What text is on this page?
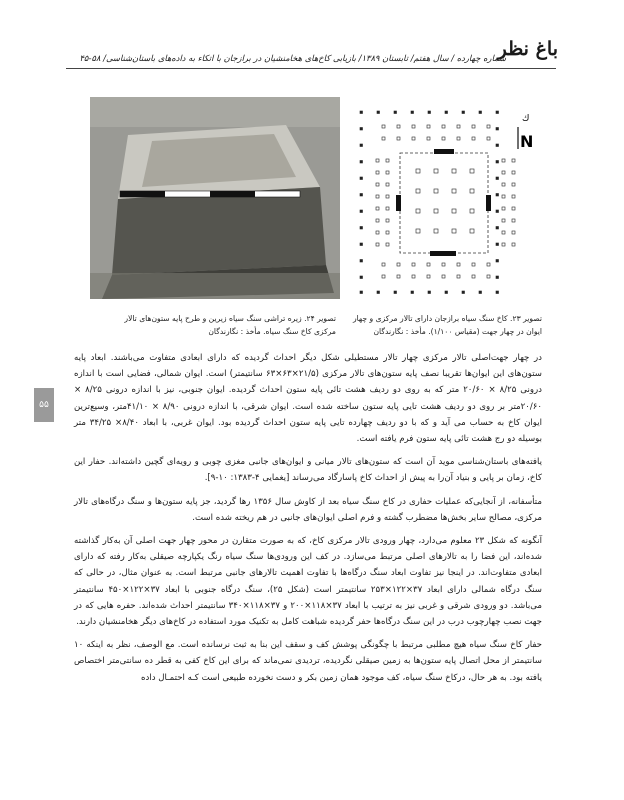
باغ نظر
شماره چهارده / سال هفتم/ تابستان ۱۳۸۹/ بازیابی کاخ‌های هخامنشیان در برازجان با اتکاء به داده‌های باستان‌شناسی/ ۵۸-۴۵
ك
N
تصویر ۲۴. زیره تراشی سنگ سیاه زیرین و طرح پایه ستون‌های تالار مرکزی کاخ سنگ سیاه. مأخذ : نگارندگان
تصویر ۲۳. کاخ سنگ سیاه برازجان دارای تالار مرکزی و چهار ایوان در چهار جهت (مقیاس ۱/۱۰۰). مأخذ : نگارندگان
۵۵

در چهار جهت‌اصلی تالار مرکزی چهار تالار مستطیلی شکل دیگر احداث گردیده که دارای ابعادی متفاوت می‌باشند. ابعاد پایه ستون‌های این ایوان‌ها تقریبا نصف پایه ستون‌های تالار مرکزی (۲۱/۵×۶۳×۶۳ سانتیمتر) است. ایوان شمالی، فضایی است با اندازه درونی ۸/۲۵ × ۲۰/۶۰ متر که به روی دو ردیف هشت تائی پایه ستون احداث گردیده. ایوان جنوبی، نیز با اندازه درونی ۸/۲۵ × ۲۰/۶۰متر بر روی دو ردیف هشت تایی پایه ستون ساخته شده است. ایوان شرقی، با اندازه درونی ۸/۹۰ × ۴۱/۱۰متر، وسیع‌ترین ایوان کاخ به حساب می آید و که با دو ردیف چهارده تایی پایه ستون احداث گردیده بود. ایوان غربی، با ابعاد ۸/۴۰× ۳۴/۲۵ متر بوسیله دو رج هشت تائی پایه ستون فرم یافته است.

یافته‌های باستان‌شناسی موید آن است که ستون‌های تالار میانی و ایوان‌های جانبی مغزی چوبی و رویه‌ای گچین داشته‌اند. حفار این کاخ، زمان بر پایی و بنیاد آن‌را به پیش از احداث کاخ پاسارگاد می‌رساند [یغمایی ۴-۱۳۸۳: ۱۰-۹].

متأسفانه، از آنجایی‌که عملیات حفاری در کاخ سنگ سیاه بعد از کاوش سال ۱۳۵۶ رها گردید، جز پایه ستون‌ها و سنگ درگاه‌های تالار مرکزی، مصالح سایر بخش‌ها مضطرب گشته و فرم اصلی ایوان‌های جانبی در هم ریخته شده است.

آنگونه که شکل ۲۳ معلوم می‌دارد، چهار ورودی تالار مرکزی کاخ، که به صورت متقارن در محور چهار جهت اصلی آن به‌کار گذاشته شده‌اند، این فضا را به تالارهای اصلی مرتبط می‌سازد. در کف این ورودی‌ها سنگ سیاه رنگ یکپارچه صیقلی به‌کار رفته که دارای ابعادی متفاوت‌اند. در اینجا نیز تفاوت ابعاد سنگ درگاه‌ها با تفاوت اهمیت تالارهای جانبی مرتبط است. به عنوان مثال، در حالی که سنگ درگاه شمالی دارای ابعاد ۳۷×۱۲۲×۲۵۳ سانتیمتر است (شکل ۲۵)، سنگ درگاه جنوبی با ابعاد ۳۷×۱۲۲×۴۵۰ سانتیمتر می‌باشد. دو ورودی شرقی و غربی نیز به ترتیب با ابعاد ۳۷×۱۱۸×۲۰۰ و ۳۷×۱۱۸×۳۴۰ سانتیمتر احداث شده‌اند. حفره هایی که در جهت نصب چهارچوب درب در این سنگ درگاه‌ها حفر گردیده شباهت کامل به تکنیک مورد استفاده در کاخ‌های دیگر هخامنشیان دارند.

حفار کاخ سنگ سیاه هیچ مطلبی مرتبط با چگونگی پوشش کف و سقف این بنا به ثبت نرسانده است. مع الوصف، نظر به اینکه ۱۰ سانتیمتر از محل اتصال پایه ستون‌ها به زمین صیقلی نگردیده، تردیدی نمی‌ماند که برای این کاخ کفی به قطر ده سانتی‌متر اختصاص یافته بود. به هر حال، درکاخ سنگ سیاه، کف موجود همان زمین بکر و دست نخورده طبیعی است کـه احتمـال داده
